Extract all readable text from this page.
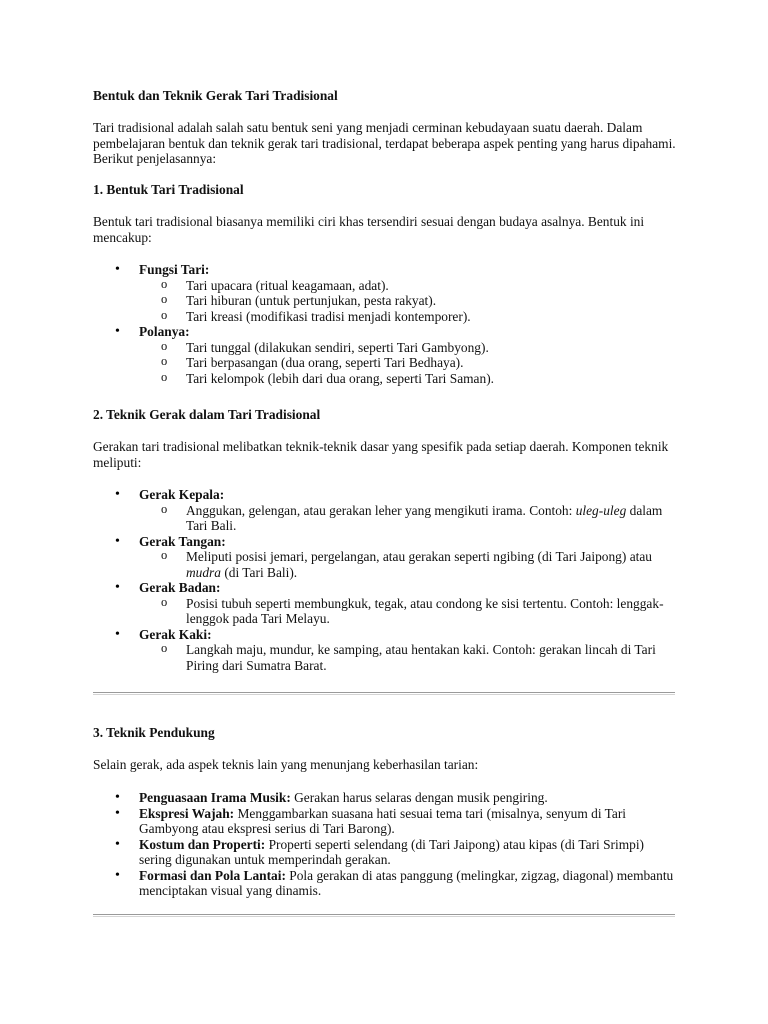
Bentuk dan Teknik Gerak Tari Tradisional

Tari tradisional adalah salah satu bentuk seni yang menjadi cerminan kebudayaan suatu daerah. Dalam pembelajaran bentuk dan teknik gerak tari tradisional, terdapat beberapa aspek penting yang harus dipahami. Berikut penjelasannya:

1. Bentuk Tari Tradisional

Bentuk tari tradisional biasanya memiliki ciri khas tersendiri sesuai dengan budaya asalnya. Bentuk ini mencakup:

• Fungsi Tari:
o Tari upacara (ritual keagamaan, adat).
o Tari hiburan (untuk pertunjukan, pesta rakyat).
o Tari kreasi (modifikasi tradisi menjadi kontemporer).
• Polanya:
o Tari tunggal (dilakukan sendiri, seperti Tari Gambyong).
o Tari berpasangan (dua orang, seperti Tari Bedhaya).
o Tari kelompok (lebih dari dua orang, seperti Tari Saman).
2. Teknik Gerak dalam Tari Tradisional

Gerakan tari tradisional melibatkan teknik-teknik dasar yang spesifik pada setiap daerah. Komponen teknik meliputi:

• Gerak Kepala:
o Anggukan, gelengan, atau gerakan leher yang mengikuti irama. Contoh: uleg-uleg dalam Tari Bali.
• Gerak Tangan:
o Meliputi posisi jemari, pergelangan, atau gerakan seperti ngibing (di Tari Jaipong) atau mudra (di Tari Bali).
• Gerak Badan:
o Posisi tubuh seperti membungkuk, tegak, atau condong ke sisi tertentu. Contoh: lenggak-lenggok pada Tari Melayu.
• Gerak Kaki:
o Langkah maju, mundur, ke samping, atau hentakan kaki. Contoh: gerakan lincah di Tari Piring dari Sumatra Barat.
3. Teknik Pendukung

Selain gerak, ada aspek teknis lain yang menunjang keberhasilan tarian:

• Penguasaan Irama Musik: Gerakan harus selaras dengan musik pengiring.
• Ekspresi Wajah: Menggambarkan suasana hati sesuai tema tari (misalnya, senyum di Tari Gambyong atau ekspresi serius di Tari Barong).
• Kostum dan Properti: Properti seperti selendang (di Tari Jaipong) atau kipas (di Tari Srimpi) sering digunakan untuk memperindah gerakan.
• Formasi dan Pola Lantai: Pola gerakan di atas panggung (melingkar, zigzag, diagonal) membantu menciptakan visual yang dinamis.
